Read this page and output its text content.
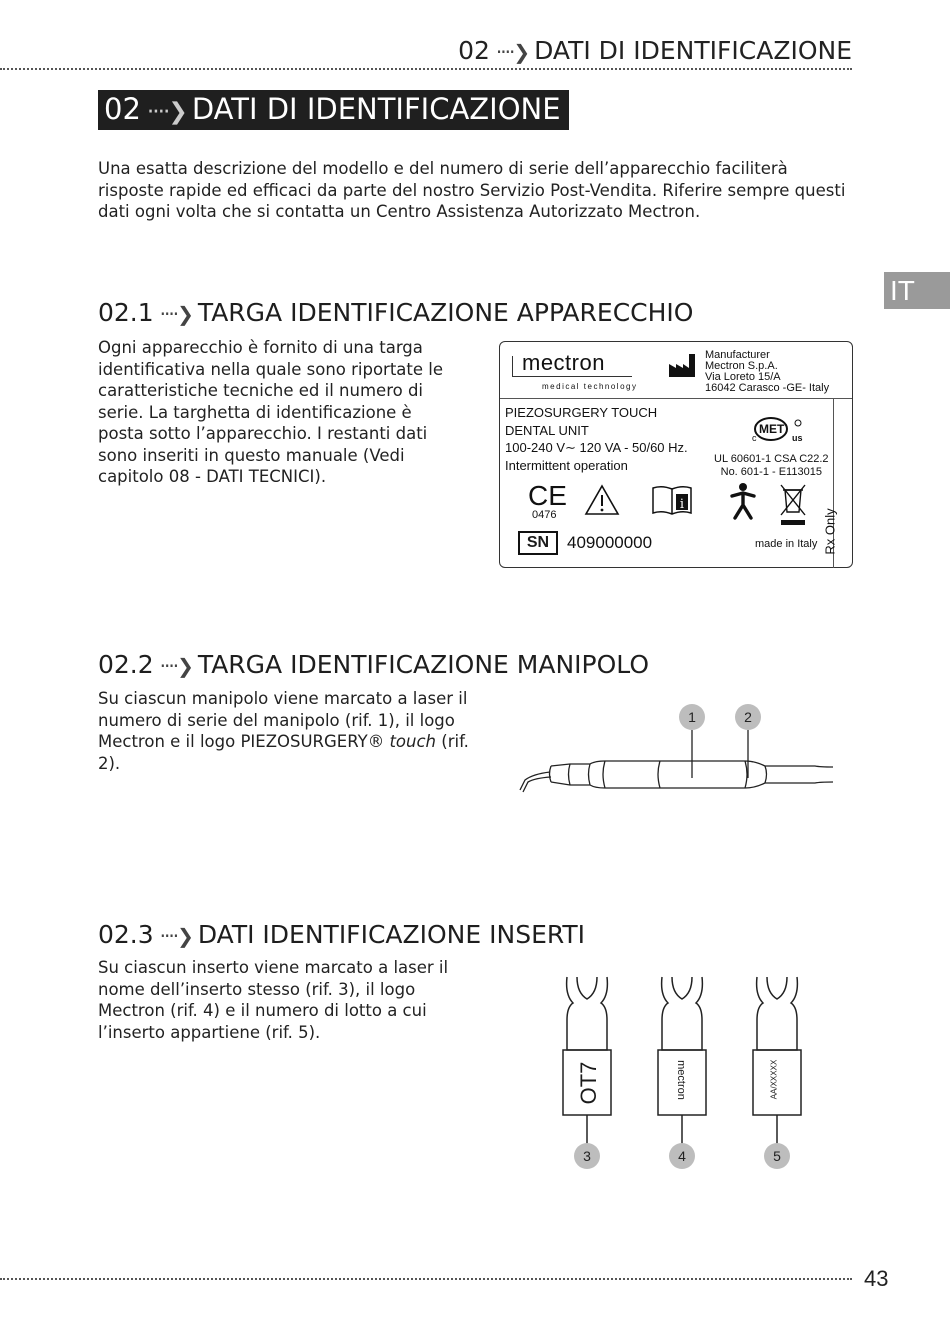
02 ····❯ DATI DI IDENTIFICAZIONE
02 ····❯ DATI DI IDENTIFICAZIONE

Una esatta descrizione del modello e del numero di serie dell’apparecchio faciliterà risposte rapide ed efficaci da parte del nostro Servizio Post-Vendita. Riferire sempre questi dati ogni volta che si contatta un Centro Assistenza Autorizzato Mectron.

IT
02.1 ····❯ TARGA IDENTIFICAZIONE APPARECCHIO

Ogni apparecchio è fornito di una targa identificativa nella quale sono riportate le caratteristiche tecniche ed il numero di serie. La targhetta di identificazione è posta sotto l’apparecchio. I restanti dati sono inseriti in questo manuale (Vedi capitolo 08 - DATI TECNICI).

mectron
medical technology
Manufacturer
Mectron S.p.A.
Via Loreto 15/A
16042 Carasco -GE- Italy
PIEZOSURGERY TOUCH
DENTAL UNIT
100-240 V∼ 120 VA - 50/60 Hz.
Intermittent operation
MET
c	us
UL 60601-1 CSA C22.2
No. 601-1 - E113015
CE
0476
i
Rx Only
SN	409000000	made in Italy
02.2 ····❯ TARGA IDENTIFICAZIONE MANIPOLO

Su ciascun manipolo viene marcato a laser il numero di serie del manipolo (rif. 1), il logo Mectron e il logo PIEZOSURGERY® touch (rif. 2).

1	2
02.3 ····❯ DATI IDENTIFICAZIONE INSERTI

Su ciascun inserto viene marcato a laser il nome dell’inserto stesso (rif. 3), il logo Mectron (rif. 4) e il numero di lotto a cui l’inserto appartiene (rif. 5).

OT7	mectron	AA/XXXXX
3	4	5
43
